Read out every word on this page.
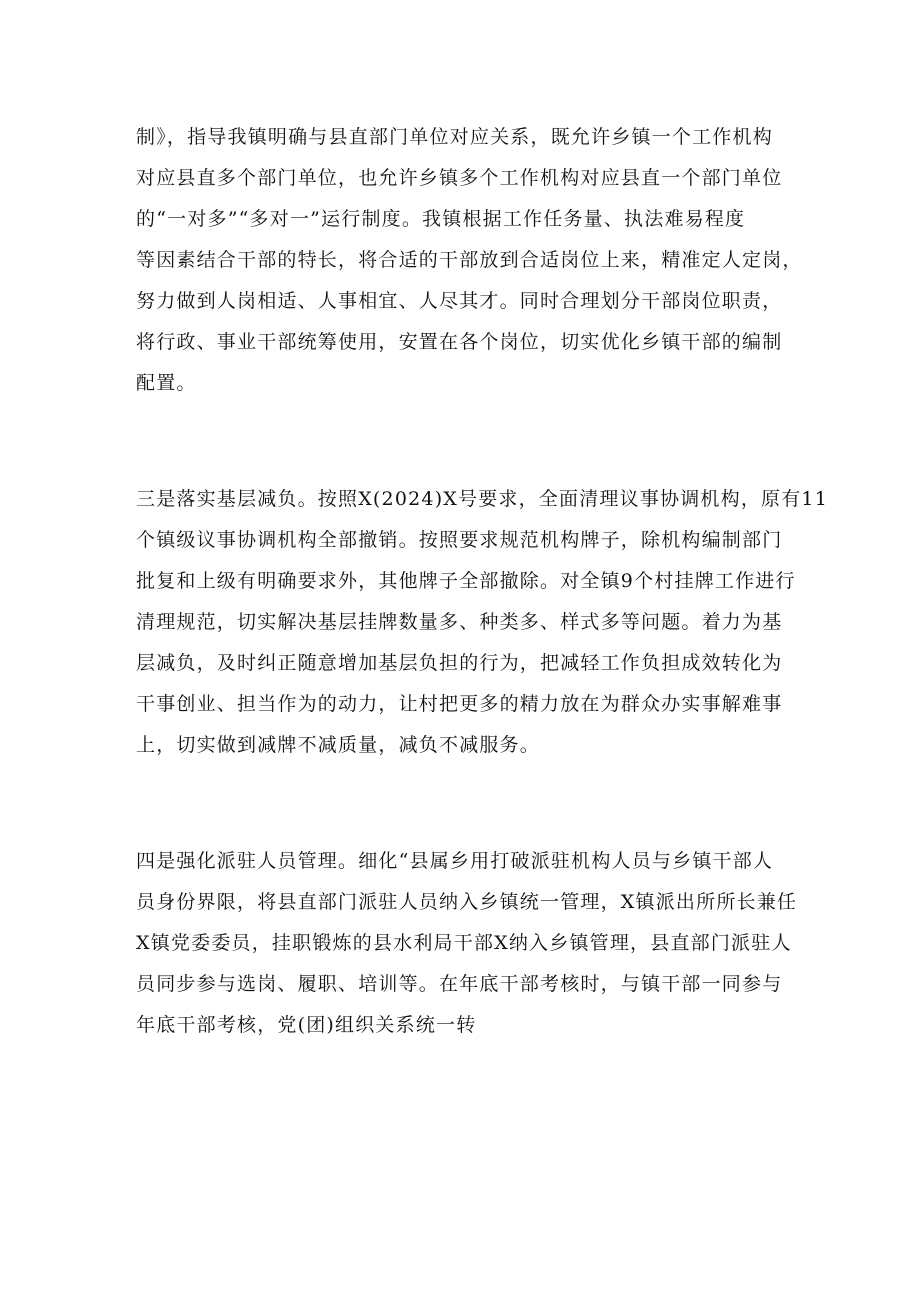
制》，指导我镇明确与县直部门单位对应关系，既允许乡镇一个工作机构
对应县直多个部门单位，也允许乡镇多个工作机构对应县直一个部门单位
的“一对多”“多对一”运行制度。我镇根据工作任务量、执法难易程度
等因素结合干部的特长，将合适的干部放到合适岗位上来，精准定人定岗，
努力做到人岗相适、人事相宜、人尽其才。同时合理划分干部岗位职责，
将行政、事业干部统筹使用，安置在各个岗位，切实优化乡镇干部的编制
配置。
三是落实基层减负。按照X(2024)X号要求，全面清理议事协调机构，原有11
个镇级议事协调机构全部撤销。按照要求规范机构牌子，除机构编制部门
批复和上级有明确要求外，其他牌子全部撤除。对全镇9个村挂牌工作进行
清理规范，切实解决基层挂牌数量多、种类多、样式多等问题。着力为基
层减负，及时纠正随意增加基层负担的行为，把减轻工作负担成效转化为
干事创业、担当作为的动力，让村把更多的精力放在为群众办实事解难事
上，切实做到减牌不减质量，减负不减服务。
四是强化派驻人员管理。细化“县属乡用打破派驻机构人员与乡镇干部人
员身份界限，将县直部门派驻人员纳入乡镇统一管理，X镇派出所所长兼任
X镇党委委员，挂职锻炼的县水利局干部X纳入乡镇管理，县直部门派驻人
员同步参与选岗、履职、培训等。在年底干部考核时，与镇干部一同参与
年底干部考核，党(团)组织关系统一转
